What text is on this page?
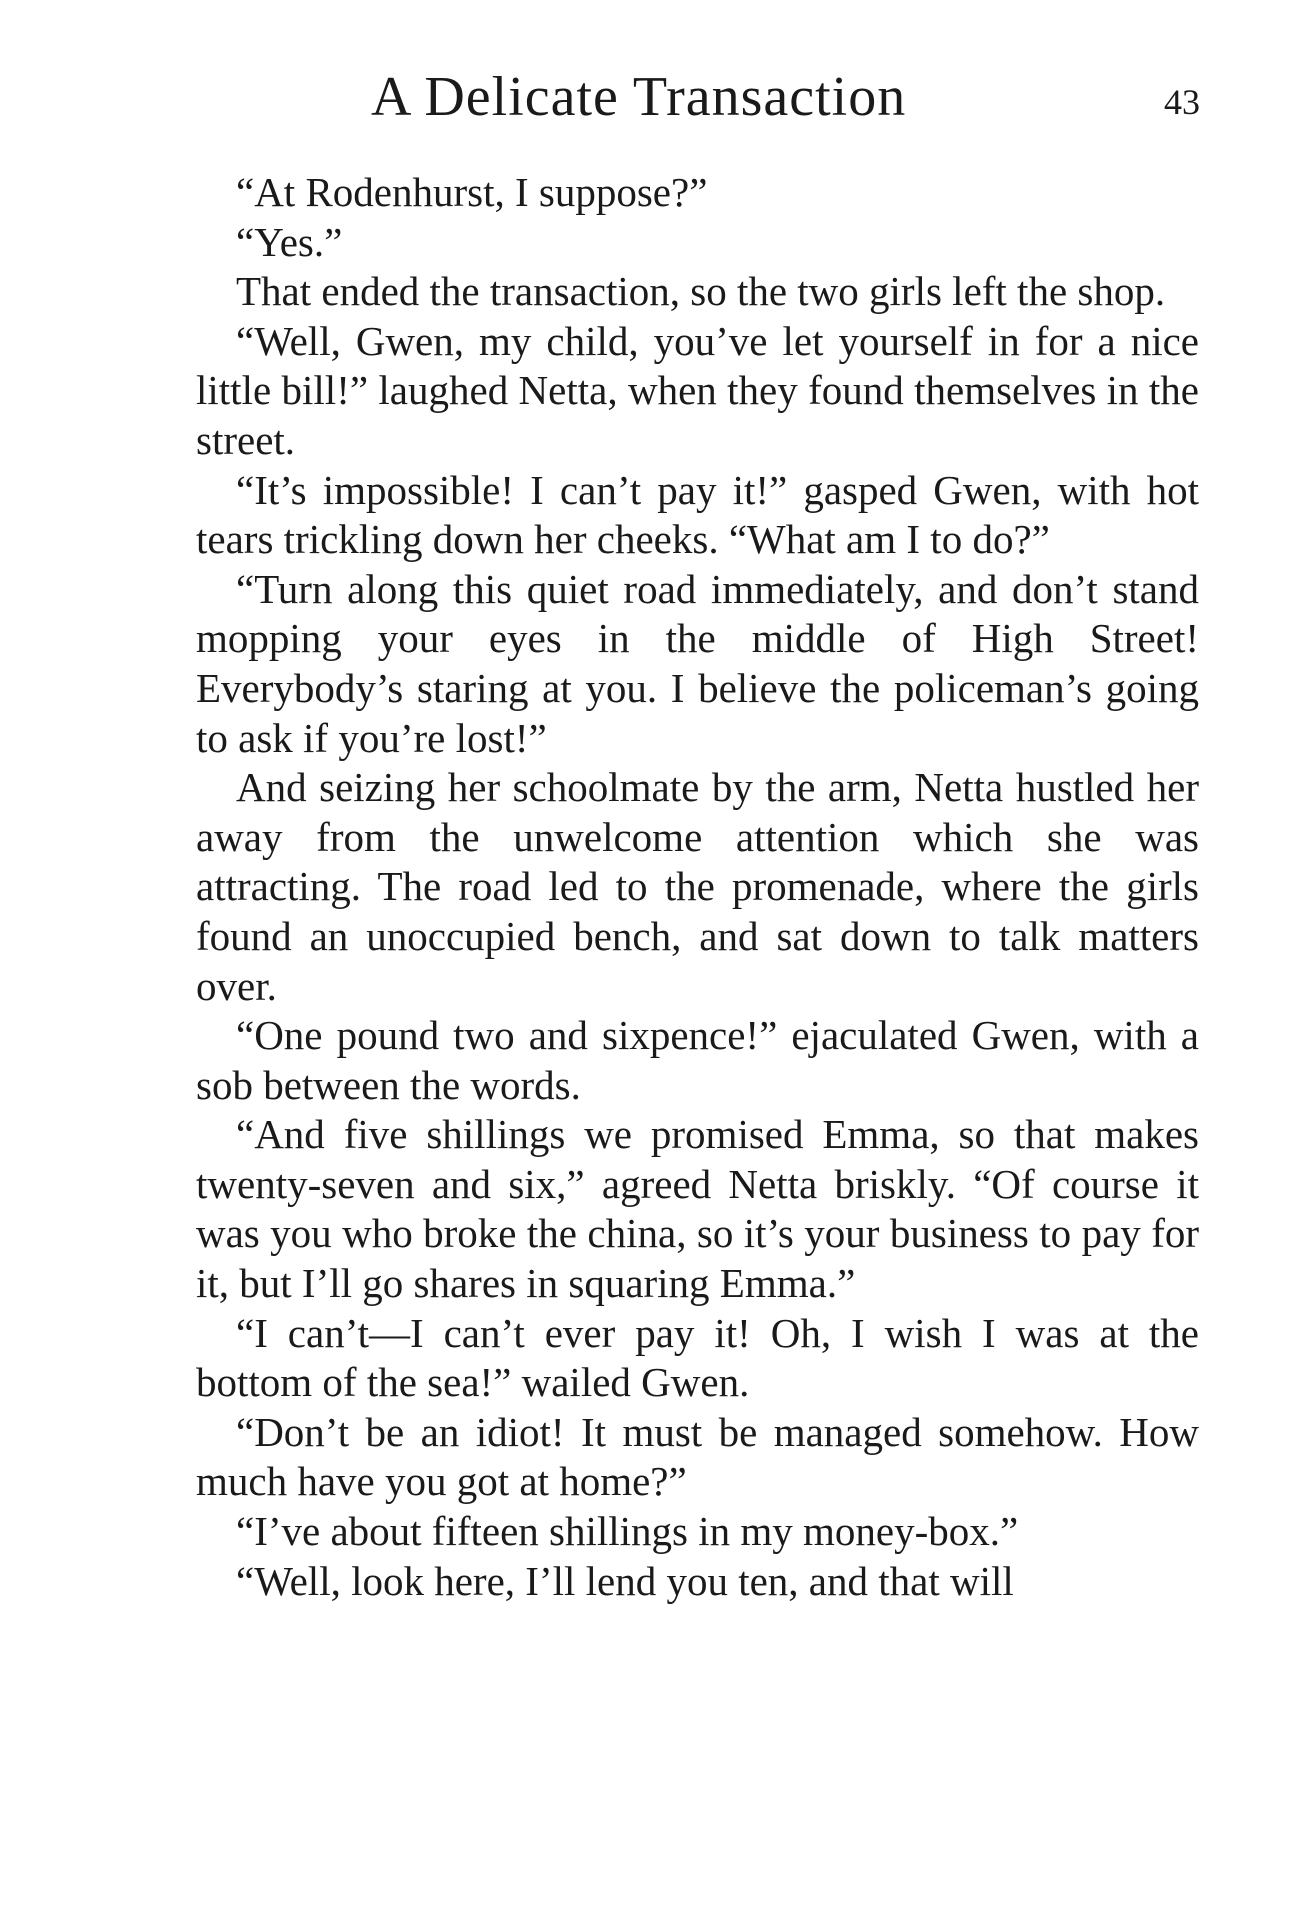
A Delicate Transaction	43

“At Rodenhurst, I suppose?”

“Yes.”

That ended the transaction, so the two girls left the shop.

“Well, Gwen, my child, you’ve let yourself in for a nice little bill!” laughed Netta, when they found themselves in the street.

“It’s impossible! I can’t pay it!” gasped Gwen, with hot tears trickling down her cheeks. “What am I to do?”

“Turn along this quiet road immediately, and don’t stand mopping your eyes in the middle of High Street! Everybody’s staring at you. I believe the policeman’s going to ask if you’re lost!”

And seizing her schoolmate by the arm, Netta hustled her away from the unwelcome attention which she was attracting. The road led to the promenade, where the girls found an unoccupied bench, and sat down to talk matters over.

“One pound two and sixpence!” ejaculated Gwen, with a sob between the words.

“And five shillings we promised Emma, so that makes twenty-seven and six,” agreed Netta briskly. “Of course it was you who broke the china, so it’s your business to pay for it, but I’ll go shares in squaring Emma.”

“I can’t—I can’t ever pay it! Oh, I wish I was at the bottom of the sea!” wailed Gwen.

“Don’t be an idiot! It must be managed somehow. How much have you got at home?”

“I’ve about fifteen shillings in my money-box.”

“Well, look here, I’ll lend you ten, and that will
